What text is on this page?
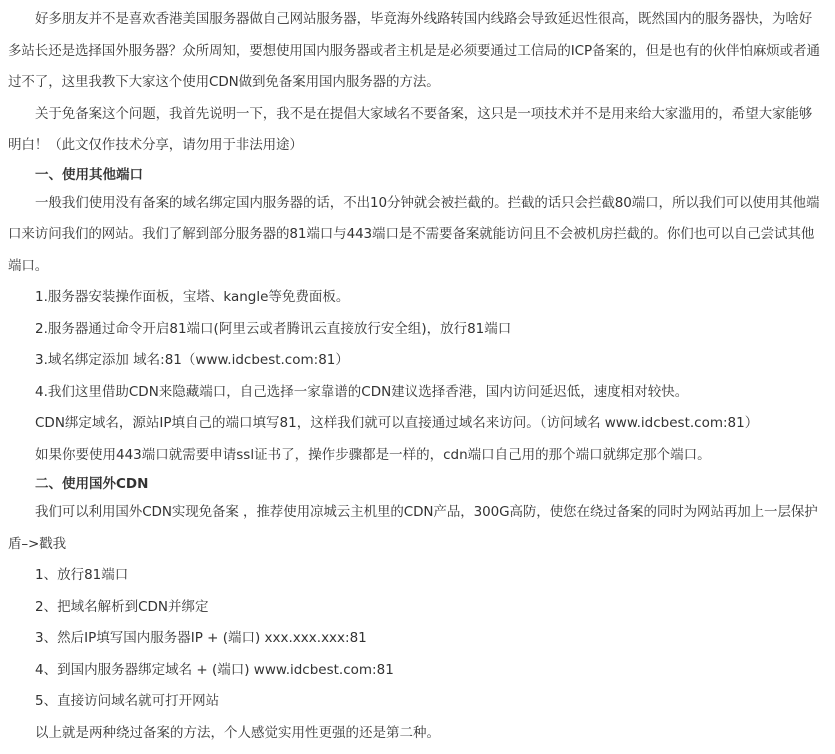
好多朋友并不是喜欢香港美国服务器做自己网站服务器，毕竟海外线路转国内线路会导致延迟性很高，既然国内的服务器快，为啥好多站长还是选择国外服务器？众所周知，要想使用国内服务器或者主机是是必须要通过工信局的ICP备案的，但是也有的伙伴怕麻烦或者通过不了，这里我教下大家这个使用CDN做到免备案用国内服务器的方法。

关于免备案这个问题，我首先说明一下，我不是在提倡大家域名不要备案，这只是一项技术并不是用来给大家滥用的，希望大家能够明白！（此文仅作技术分享，请勿用于非法用途）

一、使用其他端口

一般我们使用没有备案的域名绑定国内服务器的话，不出10分钟就会被拦截的。拦截的话只会拦截80端口，所以我们可以使用其他端口来访问我们的网站。我们了解到部分服务器的81端口与443端口是不需要备案就能访问且不会被机房拦截的。你们也可以自己尝试其他端口。

1.服务器安装操作面板，宝塔、kangle等免费面板。

2.服务器通过命令开启81端口(阿里云或者腾讯云直接放行安全组)，放行81端口

3.域名绑定添加 域名:81（www.idcbest.com:81）

4.我们这里借助CDN来隐藏端口，自己选择一家靠谱的CDN建议选择香港，国内访问延迟低，速度相对较快。

CDN绑定域名，源站IP填自己的端口填写81，这样我们就可以直接通过域名来访问。（访问域名 www.idcbest.com:81）

如果你要使用443端口就需要申请ssl证书了，操作步骤都是一样的，cdn端口自己用的那个端口就绑定那个端口。

二、使用国外CDN

我们可以利用国外CDN实现免备案 ，推荐使用凉城云主机里的CDN产品，300G高防，使您在绕过备案的同时为网站再加上一层保护盾–>戳我

1、放行81端口

2、把域名解析到CDN并绑定

3、然后IP填写国内服务器IP + (端口) xxx.xxx.xxx:81

4、到国内服务器绑定域名 + (端口) www.idcbest.com:81

5、直接访问域名就可打开网站

以上就是两种绕过备案的方法，个人感觉实用性更强的还是第二种。
